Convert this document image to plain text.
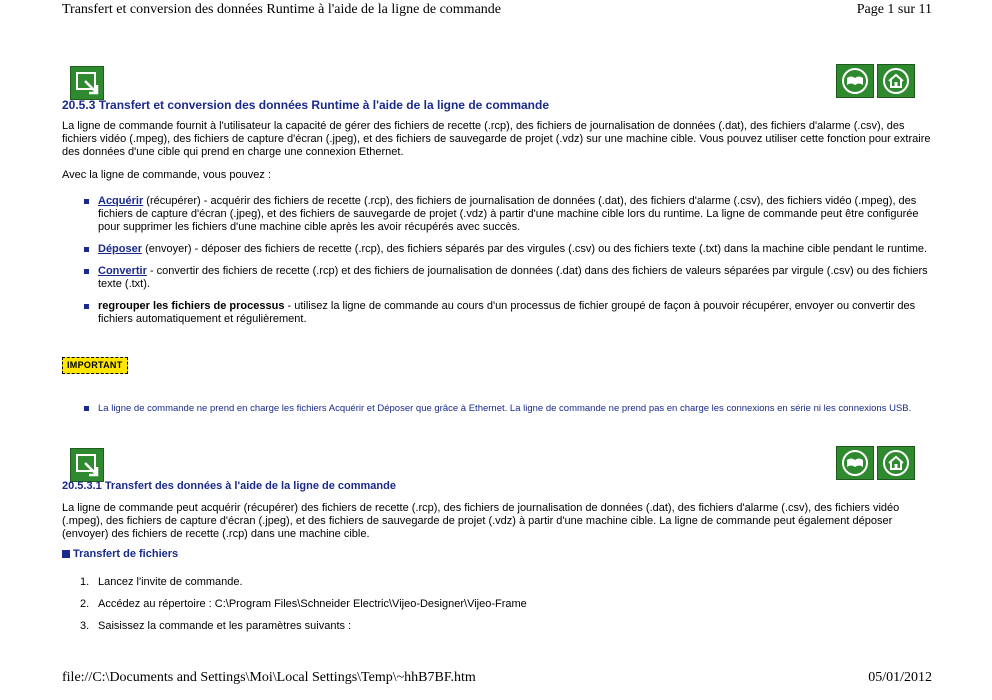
Transfert et conversion des données Runtime à l'aide de la ligne de commande	Page 1 sur 11
20.5.3 Transfert et conversion des données Runtime à l'aide de la ligne de commande

La ligne de commande fournit à l'utilisateur la capacité de gérer des fichiers de recette (.rcp), des fichiers de journalisation de données (.dat), des fichiers d'alarme (.csv), des fichiers vidéo (.mpeg), des fichiers de capture d'écran (.jpeg), et des fichiers de sauvegarde de projet (.vdz) sur une machine cible. Vous pouvez utiliser cette fonction pour extraire des données d'une cible qui prend en charge une connexion Ethernet.

Avec la ligne de commande, vous pouvez :

Acquérir (récupérer) - acquérir des fichiers de recette (.rcp), des fichiers de journalisation de données (.dat), des fichiers d'alarme (.csv), des fichiers vidéo (.mpeg), des fichiers de capture d'écran (.jpeg), et des fichiers de sauvegarde de projet (.vdz) à partir d'une machine cible lors du runtime. La ligne de commande peut être configurée pour supprimer les fichiers d'une machine cible après les avoir récupérés avec succès.
Déposer (envoyer) - déposer des fichiers de recette (.rcp), des fichiers séparés par des virgules (.csv) ou des fichiers texte (.txt) dans la machine cible pendant le runtime.
Convertir - convertir des fichiers de recette (.rcp) et des fichiers de journalisation de données (.dat) dans des fichiers de valeurs séparées par virgule (.csv) ou des fichiers texte (.txt).
regrouper les fichiers de processus - utilisez la ligne de commande au cours d'un processus de fichier groupé de façon à pouvoir récupérer, envoyer ou convertir des fichiers automatiquement et régulièrement.
IMPORTANT
La ligne de commande ne prend en charge les fichiers Acquérir et Déposer que grâce à Ethernet. La ligne de commande ne prend pas en charge les connexions en série ni les connexions USB.
20.5.3.1 Transfert des données à l'aide de la ligne de commande

La ligne de commande peut acquérir (récupérer) des fichiers de recette (.rcp), des fichiers de journalisation de données (.dat), des fichiers d'alarme (.csv), des fichiers vidéo (.mpeg), des fichiers de capture d'écran (.jpeg), et des fichiers de sauvegarde de projet (.vdz) à partir d'une machine cible. La ligne de commande peut également déposer (envoyer) des fichiers de recette (.rcp) dans une machine cible.

Transfert de fichiers
1. Lancez l'invite de commande.
2. Accédez au répertoire : C:\Program Files\Schneider Electric\Vijeo-Designer\Vijeo-Frame
3. Saisissez la commande et les paramètres suivants :
file://C:\Documents and Settings\Moi\Local Settings\Temp\~hhB7BF.htm	05/01/2012
